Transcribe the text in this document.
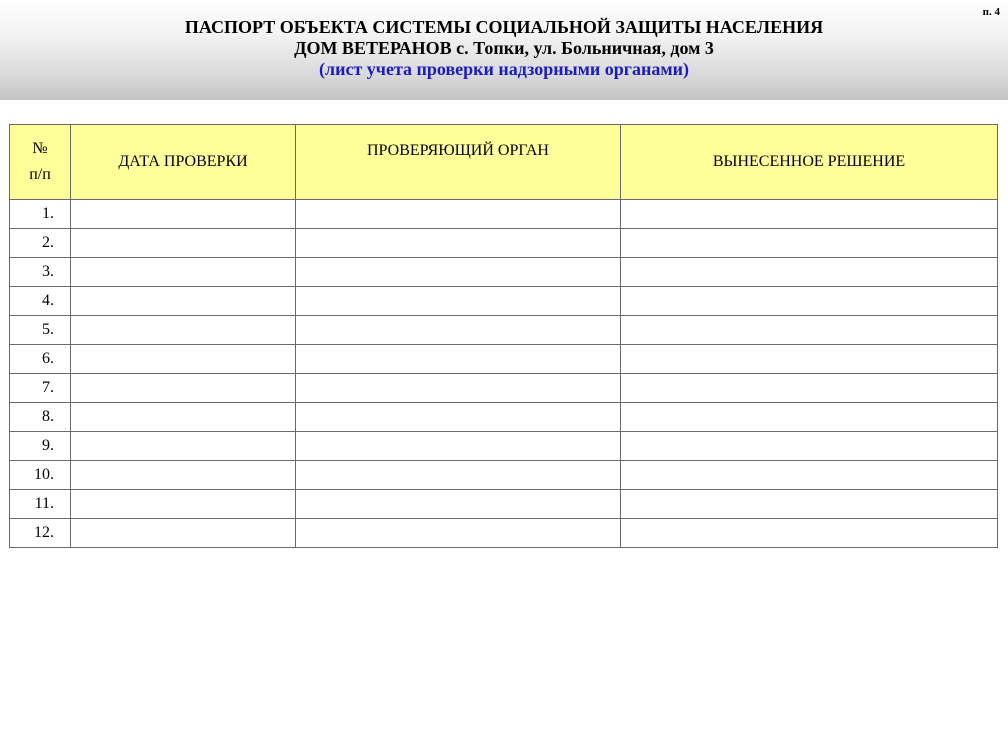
п. 4
ПАСПОРТ ОБЪЕКТА СИСТЕМЫ СОЦИАЛЬНОЙ ЗАЩИТЫ НАСЕЛЕНИЯ
ДОМ ВЕТЕРАНОВ с. Топки, ул. Больничная, дом 3
(лист учета проверки надзорными органами)
№
п/п	ДАТА ПРОВЕРКИ	ПРОВЕРЯЮЩИЙ ОРГАН	ВЫНЕСЕННОЕ РЕШЕНИЕ
1.			
2.			
3.			
4.			
5.			
6.			
7.			
8.			
9.			
10.			
11.			
12.			
